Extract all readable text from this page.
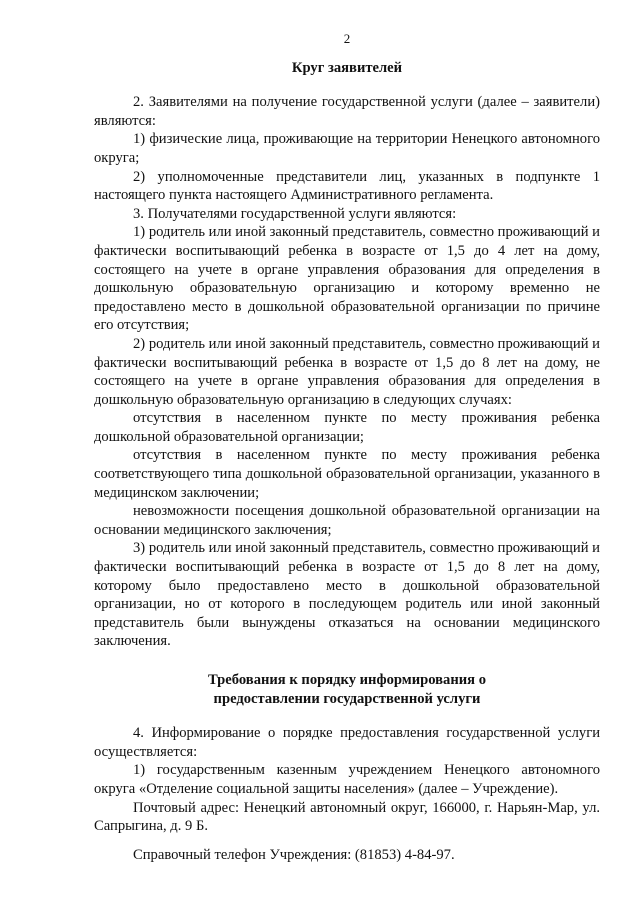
2
Круг заявителей
2. Заявителями на получение государственной услуги (далее – заявители) являются:
1) физические лица, проживающие на территории Ненецкого автономного округа;
2) уполномоченные представители лиц, указанных в подпункте 1 настоящего пункта настоящего Административного регламента.
3. Получателями государственной услуги являются:
1) родитель или иной законный представитель, совместно проживающий и фактически воспитывающий ребенка в возрасте от 1,5 до 4 лет на дому, состоящего на учете в органе управления образования для определения в дошкольную образовательную организацию и которому временно не предоставлено место в дошкольной образовательной организации по причине его отсутствия;
2) родитель или иной законный представитель, совместно проживающий и фактически воспитывающий ребенка в возрасте от 1,5 до 8 лет на дому, не состоящего на учете в органе управления образования для определения в дошкольную образовательную организацию в следующих случаях:
отсутствия в населенном пункте по месту проживания ребенка дошкольной образовательной организации;
отсутствия в населенном пункте по месту проживания ребенка соответствующего типа дошкольной образовательной организации, указанного в медицинском заключении;
невозможности посещения дошкольной образовательной организации на основании медицинского заключения;
3) родитель или иной законный представитель, совместно проживающий и фактически воспитывающий ребенка в возрасте от 1,5 до 8 лет на дому, которому было предоставлено место в дошкольной образовательной организации, но от которого в последующем родитель или иной законный представитель были вынуждены отказаться на основании медицинского заключения.
Требования к порядку информирования о
предоставлении государственной услуги
4. Информирование о порядке предоставления государственной услуги осуществляется:
1) государственным казенным учреждением Ненецкого автономного округа «Отделение социальной защиты населения» (далее – Учреждение).
Почтовый адрес: Ненецкий автономный округ, 166000, г. Нарьян-Мар, ул. Сапрыгина, д. 9 Б.
Справочный телефон Учреждения: (81853) 4-84-97.
